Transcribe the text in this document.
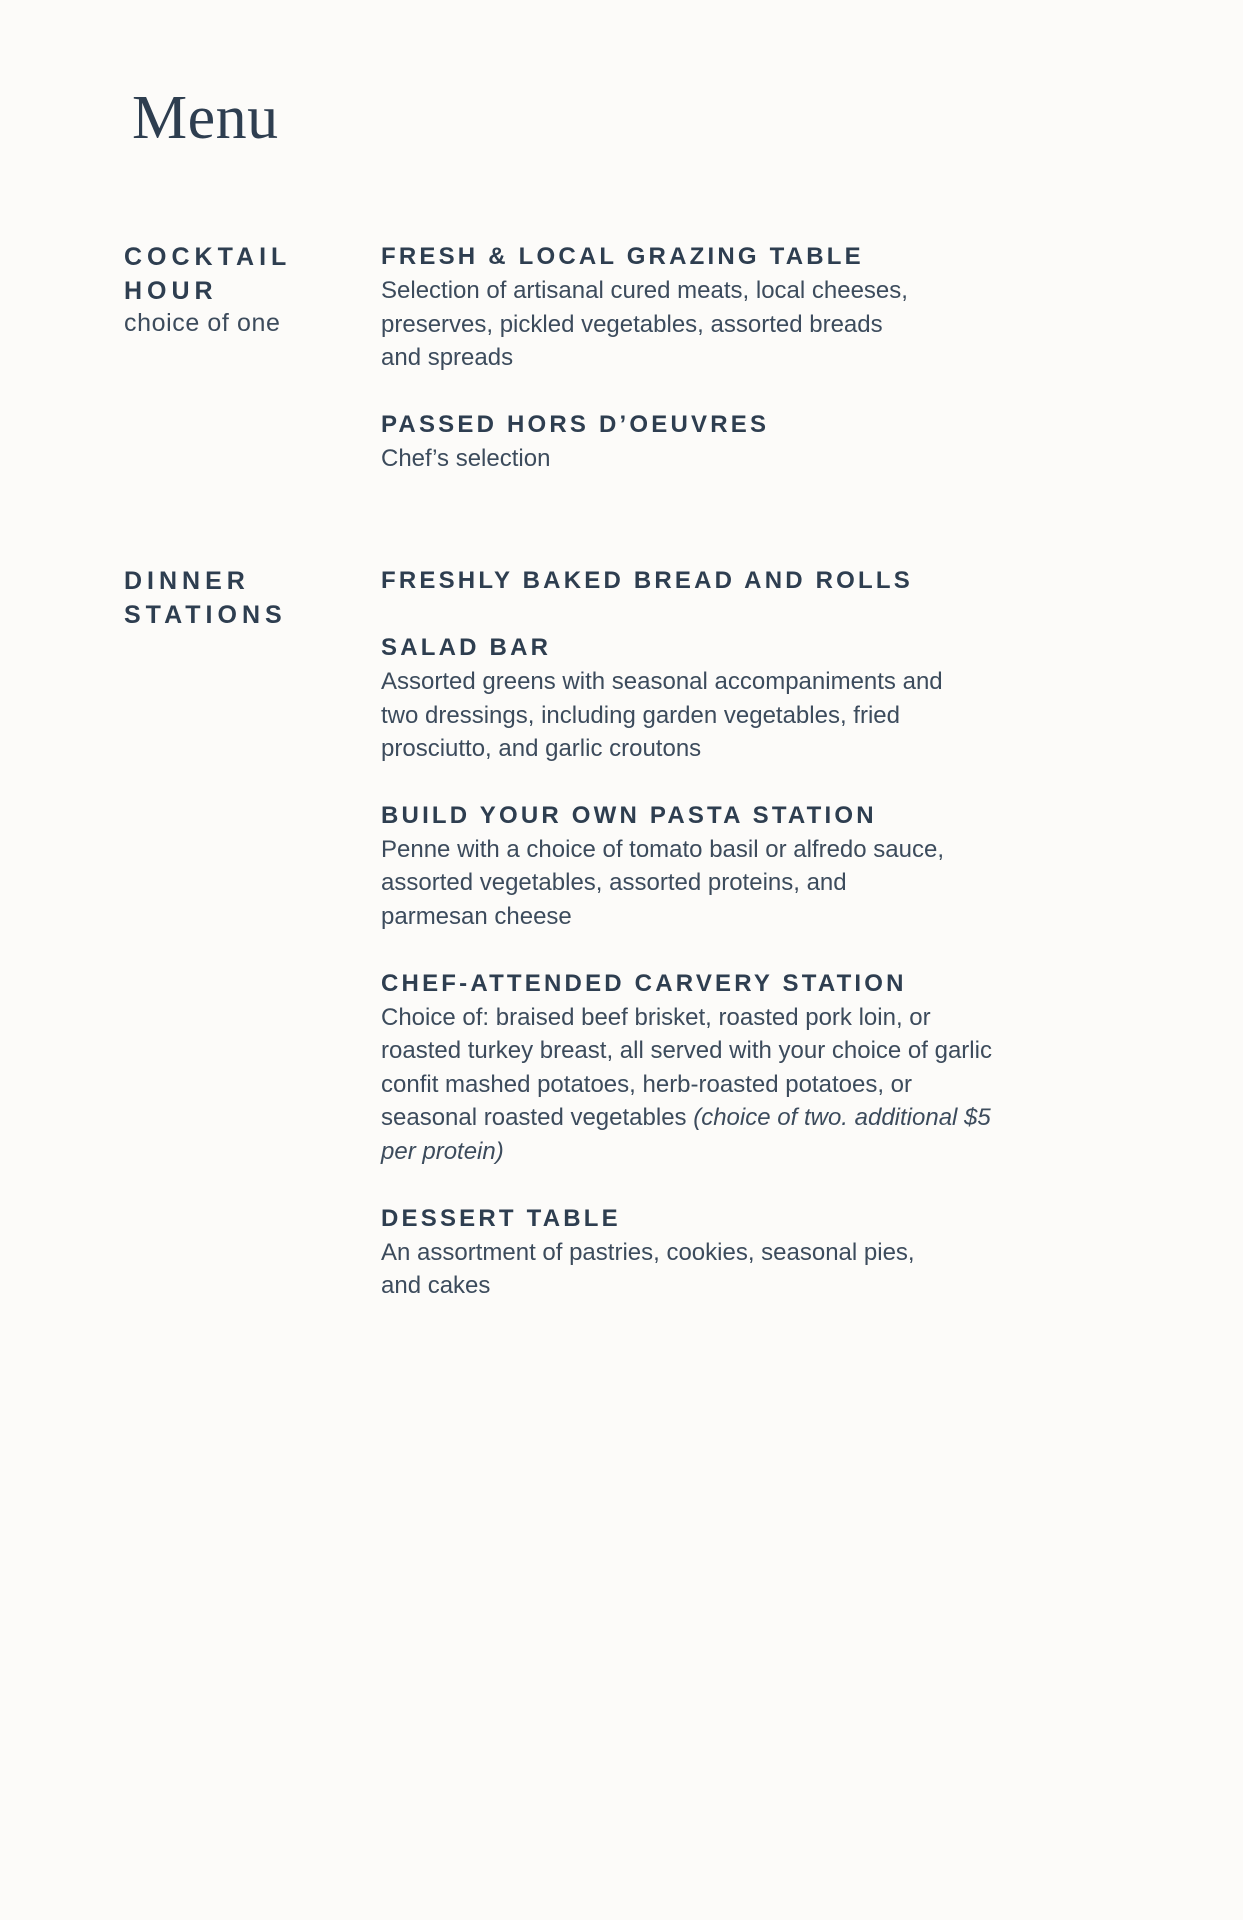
Menu

COCKTAIL

HOUR

choice of one

FRESH & LOCAL GRAZING TABLE

Selection of artisanal cured meats, local cheeses,
preserves, pickled vegetables, assorted breads
and spreads

PASSED HORS D’OEUVRES

Chef’s selection

DINNER

STATIONS

FRESHLY BAKED BREAD AND ROLLS

SALAD BAR

Assorted greens with seasonal accompaniments and
two dressings, including garden vegetables, fried
prosciutto, and garlic croutons

BUILD YOUR OWN PASTA STATION

Penne with a choice of tomato basil or alfredo sauce,
assorted vegetables, assorted proteins, and
parmesan cheese

CHEF-ATTENDED CARVERY STATION

Choice of: braised beef brisket, roasted pork loin, or
roasted turkey breast, all served with your choice of garlic
confit mashed potatoes, herb-roasted potatoes, or
seasonal roasted vegetables (choice of two. additional $5
per protein)

DESSERT TABLE

An assortment of pastries, cookies, seasonal pies,
and cakes
